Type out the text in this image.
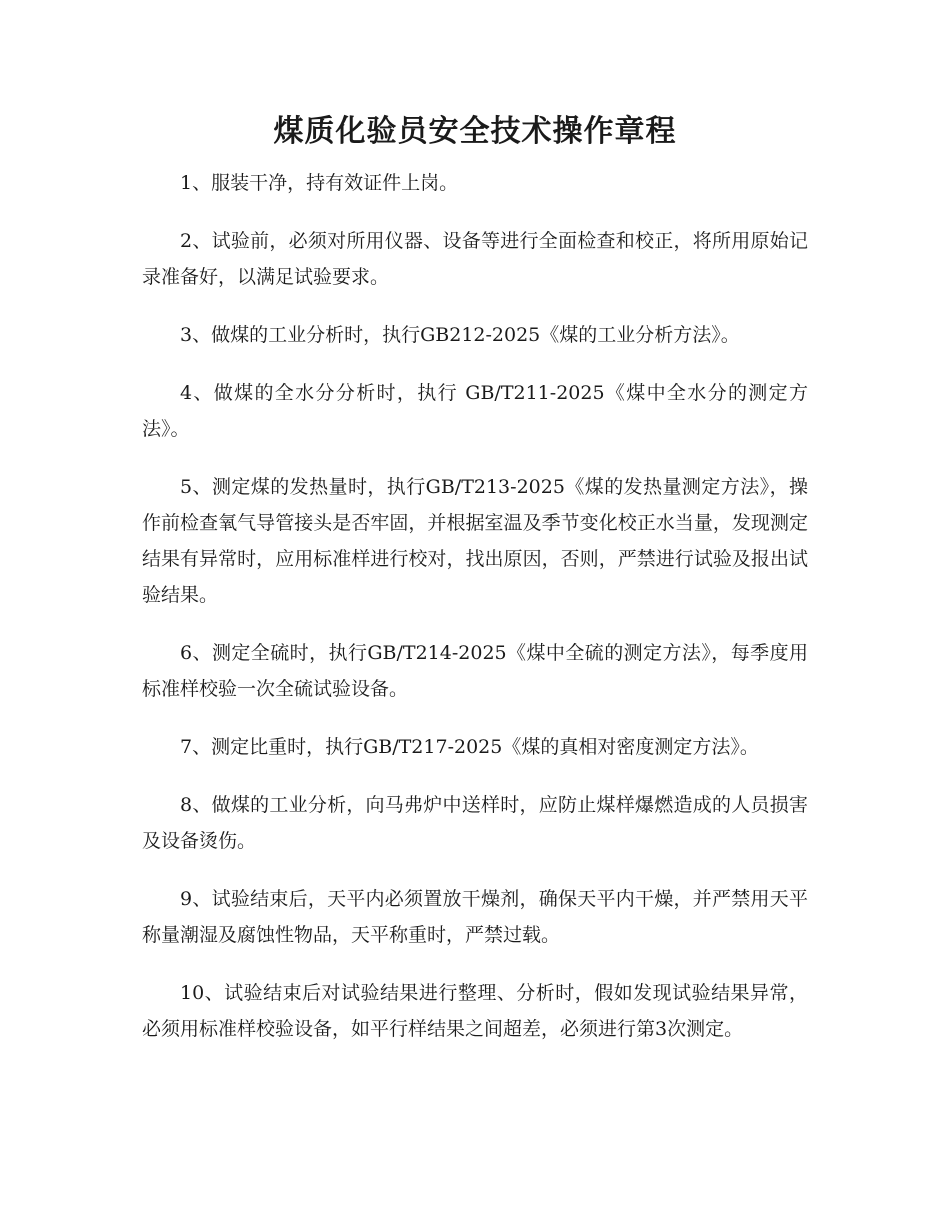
煤质化验员安全技术操作章程

1、服装干净，持有效证件上岗。

2、试验前，必须对所用仪器、设备等进行全面检查和校正，将所用原始记录准备好，以满足试验要求。

3、做煤的工业分析时，执行GB212-2025《煤的工业分析方法》。

4、做煤的全水分分析时，执行 GB/T211-2025《煤中全水分的测定方法》。

5、测定煤的发热量时，执行GB/T213-2025《煤的发热量测定方法》，操作前检查氧气导管接头是否牢固，并根据室温及季节变化校正水当量，发现测定结果有异常时，应用标准样进行校对，找出原因，否则，严禁进行试验及报出试验结果。

6、测定全硫时，执行GB/T214-2025《煤中全硫的测定方法》，每季度用标准样校验一次全硫试验设备。

7、测定比重时，执行GB/T217-2025《煤的真相对密度测定方法》。

8、做煤的工业分析，向马弗炉中送样时，应防止煤样爆燃造成的人员损害及设备烫伤。

9、试验结束后，天平内必须置放干燥剂，确保天平内干燥，并严禁用天平称量潮湿及腐蚀性物品，天平称重时，严禁过载。

10、试验结束后对试验结果进行整理、分析时，假如发现试验结果异常，必须用标准样校验设备，如平行样结果之间超差，必须进行第3次测定。
